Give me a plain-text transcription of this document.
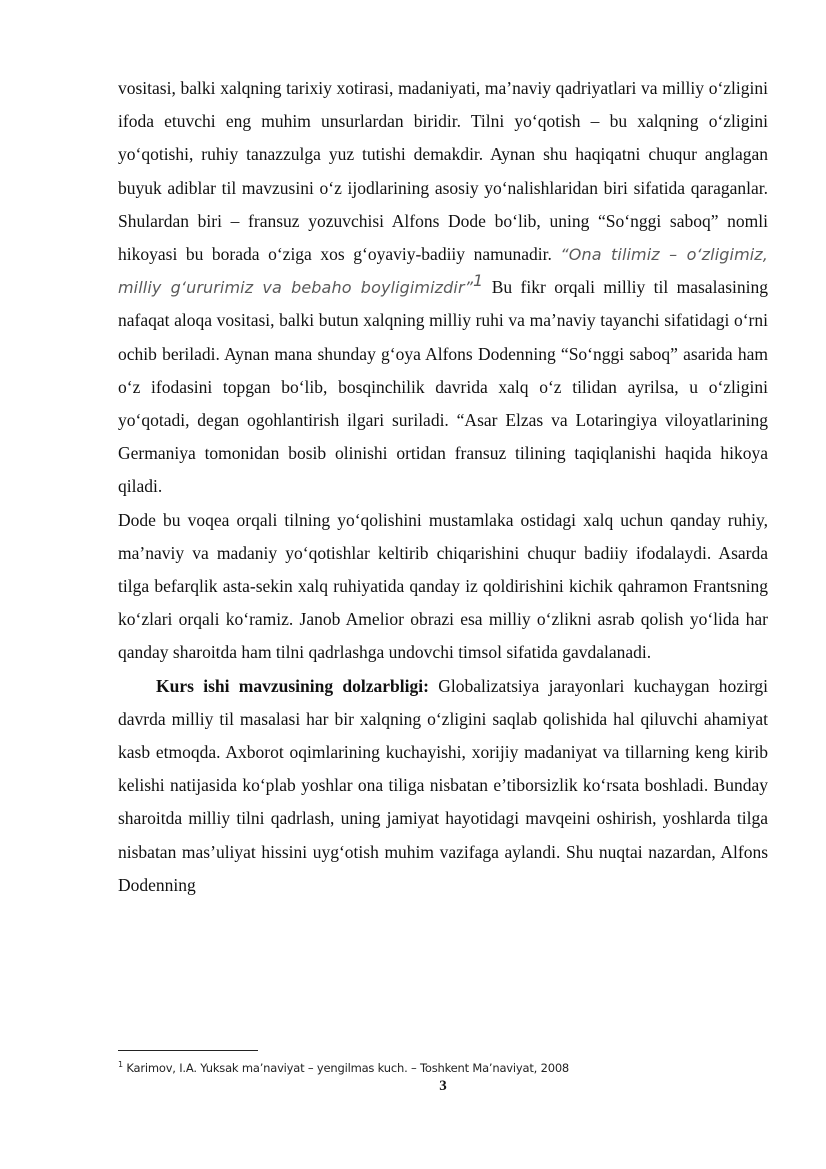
vositasi, balki xalqning tarixiy xotirasi, madaniyati, ma’naviy qadriyatlari va milliy o‘zligini ifoda etuvchi eng muhim unsurlardan biridir. Tilni yo‘qotish – bu xalqning o‘zligini yo‘qotishi, ruhiy tanazzulga yuz tutishi demakdir. Aynan shu haqiqatni chuqur anglagan buyuk adiblar til mavzusini o‘z ijodlarining asosiy yo‘nalishlaridan biri sifatida qaraganlar. Shulardan biri – fransuz yozuvchisi Alfons Dode bo‘lib, uning “So‘nggi saboq” nomli hikoyasi bu borada o‘ziga xos g‘oyaviy-badiiy namunadir. “Ona tilimiz – o‘zligimiz, milliy g‘ururimiz va bebaho boyligimizdir”$^1$ Bu fikr orqali milliy til masalasining nafaqat aloqa vositasi, balki butun xalqning milliy ruhi va ma’naviy tayanchi sifatidagi o‘rni ochib beriladi. Aynan mana shunday g‘oya Alfons Dodenning “So‘nggi saboq” asarida ham o‘z ifodasini topgan bo‘lib, bosqinchilik davrida xalq o‘z tilidan ayrilsa, u o‘zligini yo‘qotadi, degan ogohlantirish ilgari suriladi. “Asar Elzas va Lotaringiya viloyatlarining Germaniya tomonidan bosib olinishi ortidan fransuz tilining taqiqlanishi haqida hikoya qiladi.

Dode bu voqea orqali tilning yo‘qolishini mustamlaka ostidagi xalq uchun qanday ruhiy, ma’naviy va madaniy yo‘qotishlar keltirib chiqarishini chuqur badiiy ifodalaydi. Asarda tilga befarqlik asta-sekin xalq ruhiyatida qanday iz qoldirishini kichik qahramon Frantsning ko‘zlari orqali ko‘ramiz. Janob Amelior obrazi esa milliy o‘zlikni asrab qolish yo‘lida har qanday sharoitda ham tilni qadrlashga undovchi timsol sifatida gavdalanadi.

Kurs ishi mavzusining dolzarbligi: Globalizatsiya jarayonlari kuchaygan hozirgi davrda milliy til masalasi har bir xalqning o‘zligini saqlab qolishida hal qiluvchi ahamiyat kasb etmoqda. Axborot oqimlarining kuchayishi, xorijiy madaniyat va tillarning keng kirib kelishi natijasida ko‘plab yoshlar ona tiliga nisbatan e’tiborsizlik ko‘rsata boshladi. Bunday sharoitda milliy tilni qadrlash, uning jamiyat hayotidagi mavqeini oshirish, yoshlarda tilga nisbatan mas’uliyat hissini uyg‘otish muhim vazifaga aylandi. Shu nuqtai nazardan, Alfons Dodenning

$^1$ Karimov, I.A. Yuksak ma’naviyat – yengilmas kuch. – Toshkent Ma’naviyat, 2008
3
